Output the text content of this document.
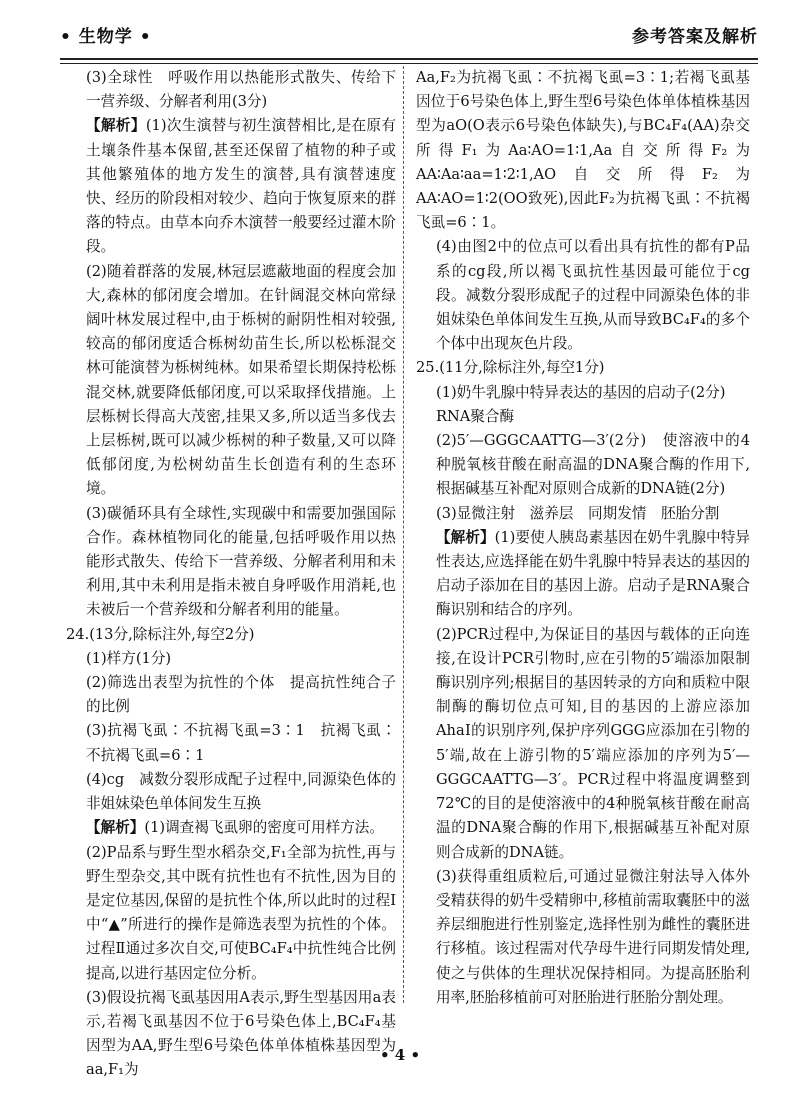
• 生物学 •	参考答案及解析

(3)全球性　呼吸作用以热能形式散失、传给下一营养级、分解者利用(3分)

【解析】(1)次生演替与初生演替相比,是在原有土壤条件基本保留,甚至还保留了植物的种子或其他繁殖体的地方发生的演替,具有演替速度快、经历的阶段相对较少、趋向于恢复原来的群落的特点。由草本向乔木演替一般要经过灌木阶段。

(2)随着群落的发展,林冠层遮蔽地面的程度会加大,森林的郁闭度会增加。在针阔混交林向常绿阔叶林发展过程中,由于栎树的耐阴性相对较强,较高的郁闭度适合栎树幼苗生长,所以松栎混交林可能演替为栎树纯林。如果希望长期保持松栎混交林,就要降低郁闭度,可以采取择伐措施。上层栎树长得高大茂密,挂果又多,所以适当多伐去上层栎树,既可以减少栎树的种子数量,又可以降低郁闭度,为松树幼苗生长创造有利的生态环境。

(3)碳循环具有全球性,实现碳中和需要加强国际合作。森林植物同化的能量,包括呼吸作用以热能形式散失、传给下一营养级、分解者利用和未利用,其中未利用是指未被自身呼吸作用消耗,也未被后一个营养级和分解者利用的能量。

24.(13分,除标注外,每空2分)

(1)样方(1分)

(2)筛选出表型为抗性的个体　提高抗性纯合子的比例

(3)抗褐飞虱∶不抗褐飞虱=3∶1　抗褐飞虱∶不抗褐飞虱=6∶1

(4)cg　减数分裂形成配子过程中,同源染色体的非姐妹染色单体间发生互换

【解析】(1)调查褐飞虱卵的密度可用样方法。

(2)P品系与野生型水稻杂交,F₁全部为抗性,再与野生型杂交,其中既有抗性也有不抗性,因为目的是定位基因,保留的是抗性个体,所以此时的过程Ⅰ中“▲”所进行的操作是筛选表型为抗性的个体。过程Ⅱ通过多次自交,可使BC₄F₄中抗性纯合比例提高,以进行基因定位分析。

(3)假设抗褐飞虱基因用A表示,野生型基因用a表示,若褐飞虱基因不位于6号染色体上,BC₄F₄基因型为AA,野生型6号染色体单体植株基因型为aa,F₁为

Aa,F₂为抗褐飞虱∶不抗褐飞虱=3∶1;若褐飞虱基因位于6号染色体上,野生型6号染色体单体植株基因型为aO(O表示6号染色体缺失),与BC₄F₄(AA)杂交所得F₁为Aa∶AO=1∶1,Aa自交所得F₂为AA∶Aa∶aa=1∶2∶1,AO自交所得F₂为AA∶AO=1∶2(OO致死),因此F₂为抗褐飞虱∶不抗褐飞虱=6∶1。

(4)由图2中的位点可以看出具有抗性的都有P品系的cg段,所以褐飞虱抗性基因最可能位于cg段。减数分裂形成配子的过程中同源染色体的非姐妹染色单体间发生互换,从而导致BC₄F₄的多个个体中出现灰色片段。

25.(11分,除标注外,每空1分)

(1)奶牛乳腺中特异表达的基因的启动子(2分)

RNA聚合酶

(2)5′—GGGCAATTG—3′(2分)　使溶液中的4种脱氧核苷酸在耐高温的DNA聚合酶的作用下,根据碱基互补配对原则合成新的DNA链(2分)

(3)显微注射　滋养层　同期发情　胚胎分割

【解析】(1)要使人胰岛素基因在奶牛乳腺中特异性表达,应选择能在奶牛乳腺中特异表达的基因的启动子添加在目的基因上游。启动子是RNA聚合酶识别和结合的序列。

(2)PCR过程中,为保证目的基因与载体的正向连接,在设计PCR引物时,应在引物的5′端添加限制酶识别序列;根据目的基因转录的方向和质粒中限制酶的酶切位点可知,目的基因的上游应添加AhaⅠ的识别序列,保护序列GGG应添加在引物的5′端,故在上游引物的5′端应添加的序列为5′—GGGCAATTG—3′。PCR过程中将温度调整到72℃的目的是使溶液中的4种脱氧核苷酸在耐高温的DNA聚合酶的作用下,根据碱基互补配对原则合成新的DNA链。

(3)获得重组质粒后,可通过显微注射法导入体外受精获得的奶牛受精卵中,移植前需取囊胚中的滋养层细胞进行性别鉴定,选择性别为雌性的囊胚进行移植。该过程需对代孕母牛进行同期发情处理,使之与供体的生理状况保持相同。为提高胚胎利用率,胚胎移植前可对胚胎进行胚胎分割处理。

• 4 •
